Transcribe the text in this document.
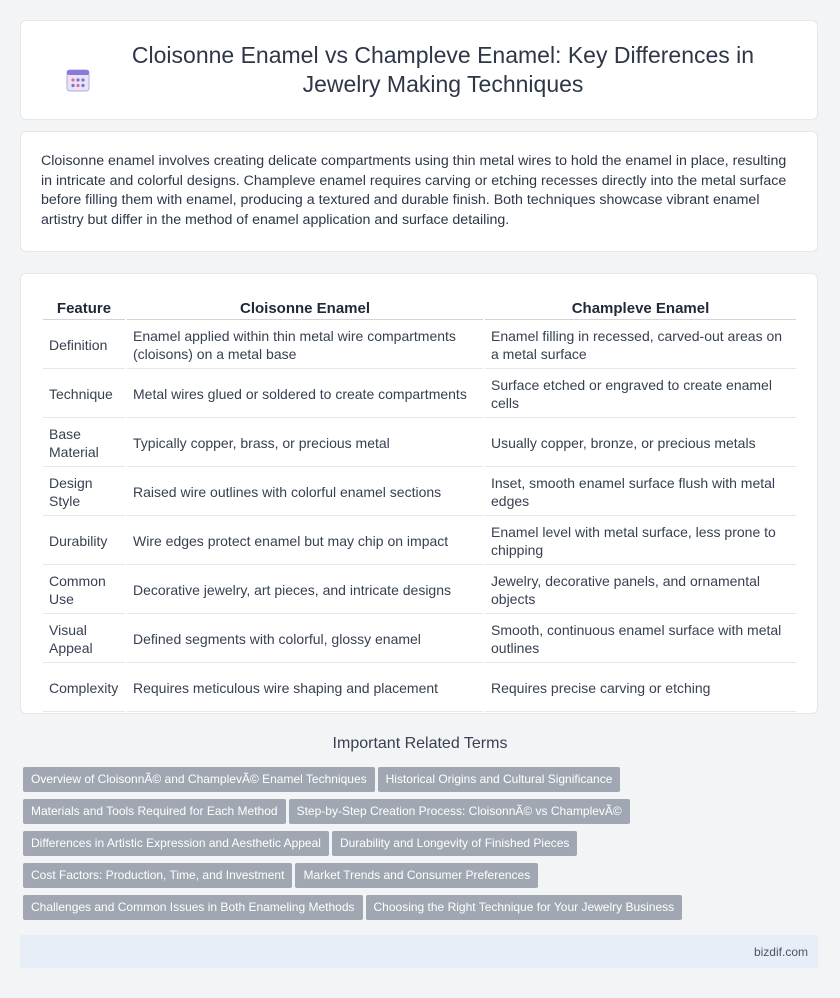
Cloisonne Enamel vs Champleve Enamel: Key Differences in Jewelry Making Techniques

Cloisonne enamel involves creating delicate compartments using thin metal wires to hold the enamel in place, resulting in intricate and colorful designs. Champleve enamel requires carving or etching recesses directly into the metal surface before filling them with enamel, producing a textured and durable finish. Both techniques showcase vibrant enamel artistry but differ in the method of enamel application and surface detailing.

Feature	Cloisonne Enamel	Champleve Enamel
Definition	Enamel applied within thin metal wire compartments (cloisons) on a metal base	Enamel filling in recessed, carved-out areas on a metal surface
Technique	Metal wires glued or soldered to create compartments	Surface etched or engraved to create enamel cells
Base Material	Typically copper, brass, or precious metal	Usually copper, bronze, or precious metals
Design Style	Raised wire outlines with colorful enamel sections	Inset, smooth enamel surface flush with metal edges
Durability	Wire edges protect enamel but may chip on impact	Enamel level with metal surface, less prone to chipping
Common Use	Decorative jewelry, art pieces, and intricate designs	Jewelry, decorative panels, and ornamental objects
Visual Appeal	Defined segments with colorful, glossy enamel	Smooth, continuous enamel surface with metal outlines
Complexity	Requires meticulous wire shaping and placement	Requires precise carving or etching
Important Related Terms
Overview of CloisonnÃ© and ChamplevÃ© Enamel Techniques Historical Origins and Cultural SignificanceMaterials and Tools Required for Each Method Step-by-Step Creation Process: CloisonnÃ© vs ChamplevÃ©Differences in Artistic Expression and Aesthetic Appeal Durability and Longevity of Finished PiecesCost Factors: Production, Time, and Investment Market Trends and Consumer PreferencesChallenges and Common Issues in Both Enameling Methods Choosing the Right Technique for Your Jewelry Business
bizdif.com
